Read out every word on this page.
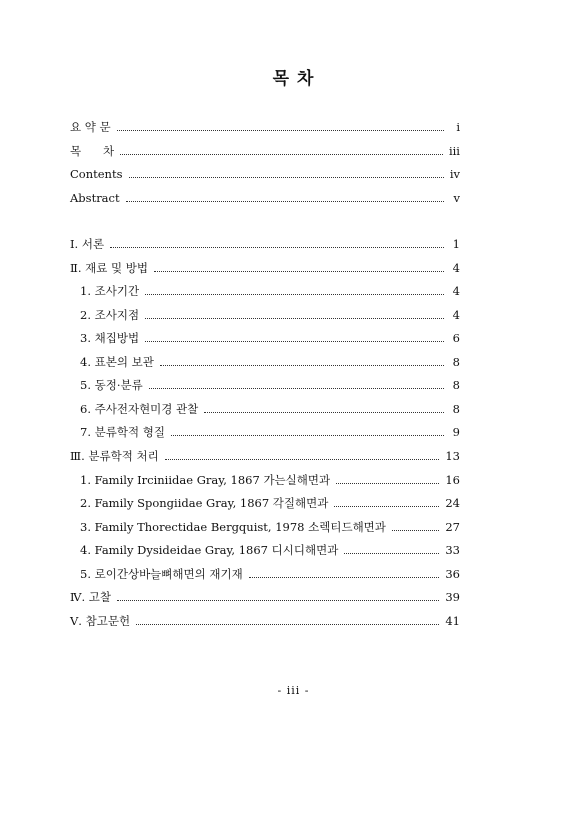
목 차
요 약 문	i
목      차	iii
Contents	iv
Abstract	v
Ⅰ. 서론	1
Ⅱ. 재료 및 방법	4
1. 조사기간	4
2. 조사지점	4
3. 채집방법	6
4. 표본의 보관	8
5. 동정·분류	8
6. 주사전자현미경 관찰	8
7. 분류학적 형질	9
Ⅲ. 분류학적 처리	13
1. Family Irciniidae Gray, 1867 가는실해면과	16
2. Family Spongiidae Gray, 1867 각질해면과	24
3. Family Thorectidae Bergquist, 1978 소렉티드해면과	27
4. Family Dysideidae Gray, 1867 디시디해면과	33
5. 로이간상바늘뼈해면의 재기재	36
Ⅳ. 고찰	39
Ⅴ. 참고문헌	41
- iii -
